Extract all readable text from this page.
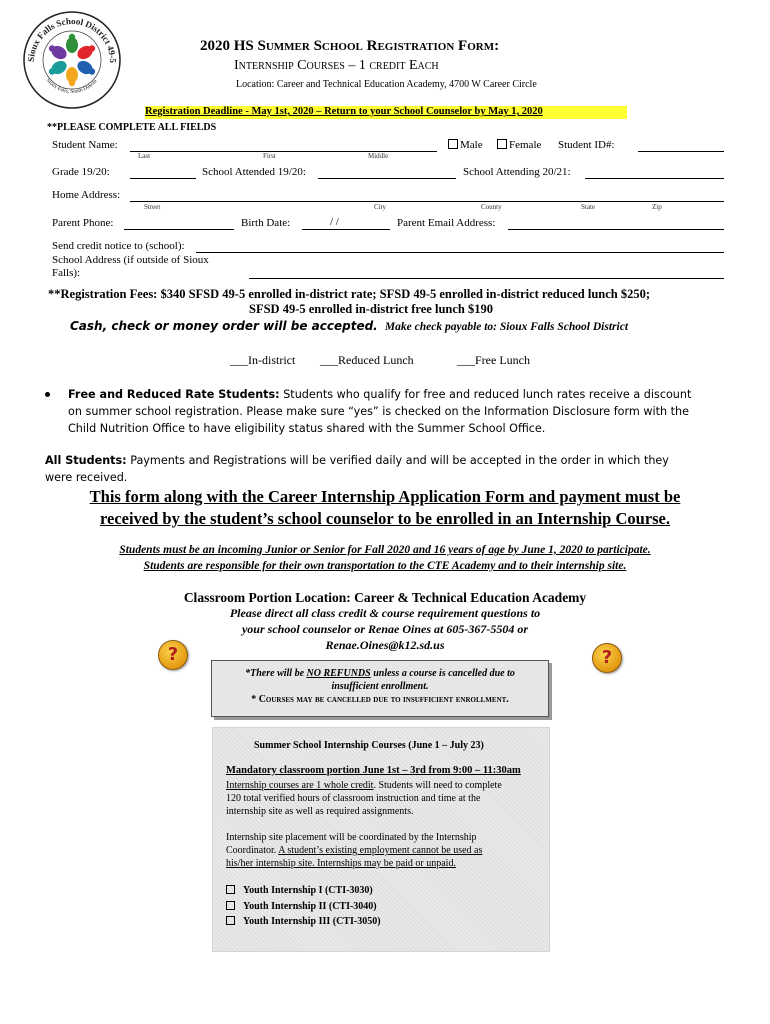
Sioux Falls School District 49-5
Sioux Falls, South Dakota
2020 HS Summer School Registration Form:
Internship Courses – 1 credit Each
Location: Career and Technical Education Academy, 4700 W Career Circle
Registration Deadline - May 1st, 2020 – Return to your School Counselor by May 1, 2020
**PLEASE COMPLETE ALL FIELDS
Student Name:
Last	First	Middle
Male	Female Student ID#:
Grade 19/20:	School Attended 19/20:	School Attending 20/21:
Home Address:
Street	City	County	State	Zip
Parent Phone:	Birth Date:	/ /	Parent Email Address:
Send credit notice to (school):
School Address (if outside of Sioux Falls):
**Registration Fees: $340 SFSD 49-5 enrolled in-district rate; SFSD 49-5 enrolled in-district reduced lunch $250;
SFSD 49-5 enrolled in-district free lunch $190
Cash, check or money order will be accepted. Make check payable to: Sioux Falls School District
___In-district ___Reduced Lunch	___Free Lunch
Free and Reduced Rate Students: Students who qualify for free and reduced lunch rates receive a discount
on summer school registration. Please make sure “yes” is checked on the Information Disclosure form with the
Child Nutrition Office to have eligibility status shared with the Summer School Office.
All Students: Payments and Registrations will be verified daily and will be accepted in the order in which they
were received.
This form along with the Career Internship Application Form and payment must be
received by the student’s school counselor to be enrolled in an Internship Course.
Students must be an incoming Junior or Senior for Fall 2020 and 16 years of age by June 1, 2020 to participate.
Students are responsible for their own transportation to the CTE Academy and to their internship site.
Classroom Portion Location: Career & Technical Education Academy
Please direct all class credit & course requirement questions to
your school counselor or Renae Oines at 605-367-5504 or
Renae.Oines@k12.sd.us
?	?
*There will be NO REFUNDS unless a course is cancelled due to
insufficient enrollment.
* Courses may be cancelled due to insufficient enrollment.
Summer School Internship Courses (June 1 – July 23)
Mandatory classroom portion June 1st – 3rd from 9:00 – 11:30am
Internship courses are 1 whole credit. Students will need to complete
120 total verified hours of classroom instruction and time at the
internship site as well as required assignments.
Internship site placement will be coordinated by the Internship
Coordinator. A student’s existing employment cannot be used as
his/her internship site. Internships may be paid or unpaid.
Youth Internship I (CTI-3030)
Youth Internship II (CTI-3040)
Youth Internship III (CTI-3050)
